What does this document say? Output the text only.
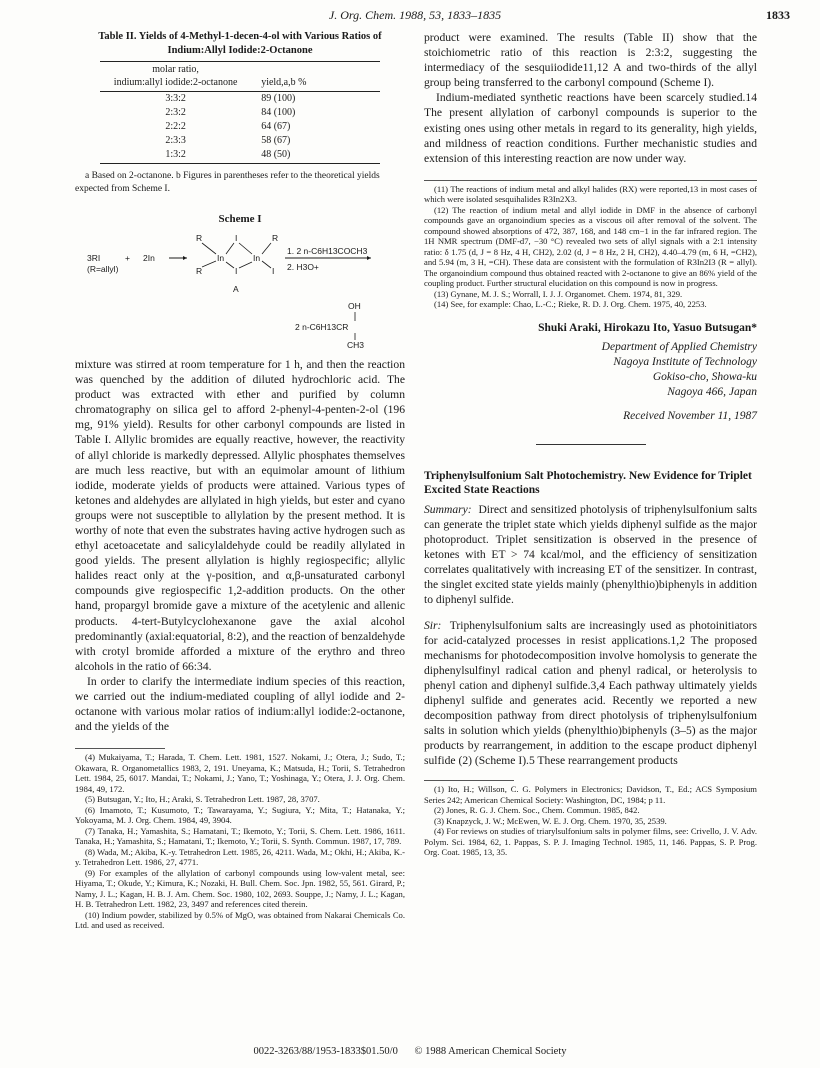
J. Org. Chem. 1988, 53, 1833–1835	1833
Table II. Yields of 4-Methyl-1-decen-4-ol with Various Ratios of Indium:Allyl Iodide:2-Octanone
molar ratio,
indium:allyl iodide:2-octanone	yield,a,b %
3:3:2	89 (100)
2:3:2	84 (100)
2:2:2	64 (67)
2:3:3	58 (67)
1:3:2	48 (50)
a Based on 2-octanone. b Figures in parentheses refer to the theoretical yields expected from Scheme I.
Scheme I
3RI
(R=allyl)
+ 2In
R
R
In
I
In
R
I
I
A
1. 2 n-C6H13COCH3
2. H3O+
OH
2 n-C6H13CR
CH3

mixture was stirred at room temperature for 1 h, and then the reaction was quenched by the addition of diluted hydrochloric acid. The product was extracted with ether and purified by column chromatography on silica gel to afford 2-phenyl-4-penten-2-ol (196 mg, 91% yield). Results for other carbonyl compounds are listed in Table I. Allylic bromides are equally reactive, however, the reactivity of allyl chloride is markedly depressed. Allylic phosphates themselves are much less reactive, but with an equimolar amount of lithium iodide, moderate yields of products were attained. Various types of ketones and aldehydes are allylated in high yields, but ester and cyano groups were not susceptible to allylation by the present method. It is worthy of note that even the substrates having active hydrogen such as ethyl acetoacetate and salicylaldehyde could be readily allylated in good yields. The present allylation is highly regiospecific; allylic halides react only at the γ-position, and α,β-unsaturated carbonyl compounds give regiospecific 1,2-addition products. On the other hand, propargyl bromide gave a mixture of the acetylenic and allenic products. 4-tert-Butylcyclohexanone gave the axial alcohol predominantly (axial:equatorial, 8:2), and the reaction of benzaldehyde with crotyl bromide afforded a mixture of the erythro and threo alcohols in the ratio of 66:34.

In order to clarify the intermediate indium species of this reaction, we carried out the indium-mediated coupling of allyl iodide and 2-octanone with various molar ratios of indium:allyl iodide:2-octanone, and the yields of the

(4) Mukaiyama, T.; Harada, T. Chem. Lett. 1981, 1527. Nokami, J.; Otera, J.; Sudo, T.; Okawara, R. Organometallics 1983, 2, 191. Uneyama, K.; Matsuda, H.; Torii, S. Tetrahedron Lett. 1984, 25, 6017. Mandai, T.; Nokami, J.; Yano, T.; Yoshinaga, Y.; Otera, J. J. Org. Chem. 1984, 49, 172.

(5) Butsugan, Y.; Ito, H.; Araki, S. Tetrahedron Lett. 1987, 28, 3707.

(6) Imamoto, T.; Kusumoto, T.; Tawarayama, Y.; Sugiura, Y.; Mita, T.; Hatanaka, Y.; Yokoyama, M. J. Org. Chem. 1984, 49, 3904.

(7) Tanaka, H.; Yamashita, S.; Hamatani, T.; Ikemoto, Y.; Torii, S. Chem. Lett. 1986, 1611. Tanaka, H.; Yamashita, S.; Hamatani, T.; Ikemoto, Y.; Torii, S. Synth. Commun. 1987, 17, 789.

(8) Wada, M.; Akiba, K.-y. Tetrahedron Lett. 1985, 26, 4211. Wada, M.; Okhi, H.; Akiba, K.-y. Tetrahedron Lett. 1986, 27, 4771.

(9) For examples of the allylation of carbonyl compounds using low-valent metal, see: Hiyama, T.; Okude, Y.; Kimura, K.; Nozaki, H. Bull. Chem. Soc. Jpn. 1982, 55, 561. Girard, P.; Namy, J. L.; Kagan, H. B. J. Am. Chem. Soc. 1980, 102, 2693. Souppe, J.; Namy, J. L.; Kagan, H. B. Tetrahedron Lett. 1982, 23, 3497 and references cited therein.

(10) Indium powder, stabilized by 0.5% of MgO, was obtained from Nakarai Chemicals Co. Ltd. and used as received.

product were examined. The results (Table II) show that the stoichiometric ratio of this reaction is 2:3:2, suggesting the intermediacy of the sesquiiodide11,12 A and two-thirds of the allyl group being transferred to the carbonyl compound (Scheme I).

Indium-mediated synthetic reactions have been scarcely studied.14 The present allylation of carbonyl compounds is superior to the existing ones using other metals in regard to its generality, high yields, and mildness of reaction conditions. Further mechanistic studies and extension of this interesting reaction are now under way.

(11) The reactions of indium metal and alkyl halides (RX) were reported,13 in most cases of which were isolated sesquihalides R3In2X3.

(12) The reaction of indium metal and allyl iodide in DMF in the absence of carbonyl compounds gave an organoindium species as a viscous oil after removal of the solvent. The compound showed absorptions of 472, 387, 168, and 148 cm−1 in the far infrared region. The 1H NMR spectrum (DMF-d7, −30 °C) revealed two sets of allyl signals with a 2:1 intensity ratio: δ 1.75 (d, J = 8 Hz, 4 H, CH2), 2.02 (d, J = 8 Hz, 2 H, CH2), 4.40–4.79 (m, 6 H, =CH2), and 5.94 (m, 3 H, =CH). These data are consistent with the formulation of R3In2I3 (R = allyl). The organoindium compound thus obtained reacted with 2-octanone to give an 86% yield of the coupling product. Further structural elucidation on this compound is now in progress.

(13) Gynane, M. J. S.; Worrall, I. J. J. Organomet. Chem. 1974, 81, 329.

(14) See, for example: Chao, L.-C.; Rieke, R. D. J. Org. Chem. 1975, 40, 2253.

Shuki Araki, Hirokazu Ito, Yasuo Butsugan*
Department of Applied Chemistry
Nagoya Institute of Technology
Gokiso-cho, Showa-ku
Nagoya 466, Japan
Received November 11, 1987
Triphenylsulfonium Salt Photochemistry. New Evidence for Triplet Excited State Reactions

Summary: Direct and sensitized photolysis of triphenylsulfonium salts can generate the triplet state which yields diphenyl sulfide as the major photoproduct. Triplet sensitization is observed in the presence of ketones with ET > 74 kcal/mol, and the efficiency of sensitization correlates qualitatively with increasing ET of the sensitizer. In contrast, the singlet excited state yields mainly (phenylthio)biphenyls in addition to diphenyl sulfide.

Sir: Triphenylsulfonium salts are increasingly used as photoinitiators for acid-catalyzed processes in resist applications.1,2 The proposed mechanisms for photodecomposition involve homolysis to generate the diphenylsulfinyl radical cation and phenyl radical, or heterolysis to phenyl cation and diphenyl sulfide.3,4 Each pathway ultimately yields diphenyl sulfide and generates acid. Recently we reported a new decomposition pathway from direct photolysis of triphenylsulfonium salts in solution which yields (phenylthio)biphenyls (3–5) as the major products by rearrangement, in addition to the escape product diphenyl sulfide (2) (Scheme I).5 These rearrangement products

(1) Ito, H.; Willson, C. G. Polymers in Electronics; Davidson, T., Ed.; ACS Symposium Series 242; American Chemical Society: Washington, DC, 1984; p 11.

(2) Jones, R. G. J. Chem. Soc., Chem. Commun. 1985, 842.

(3) Knapzyck, J. W.; McEwen, W. E. J. Org. Chem. 1970, 35, 2539.

(4) For reviews on studies of triarylsulfonium salts in polymer films, see: Crivello, J. V. Adv. Polym. Sci. 1984, 62, 1. Pappas, S. P. J. Imaging Technol. 1985, 11, 146. Pappas, S. P. Prog. Org. Coat. 1985, 13, 35.

0022-3263/88/1953-1833$01.50/0 © 1988 American Chemical Society
